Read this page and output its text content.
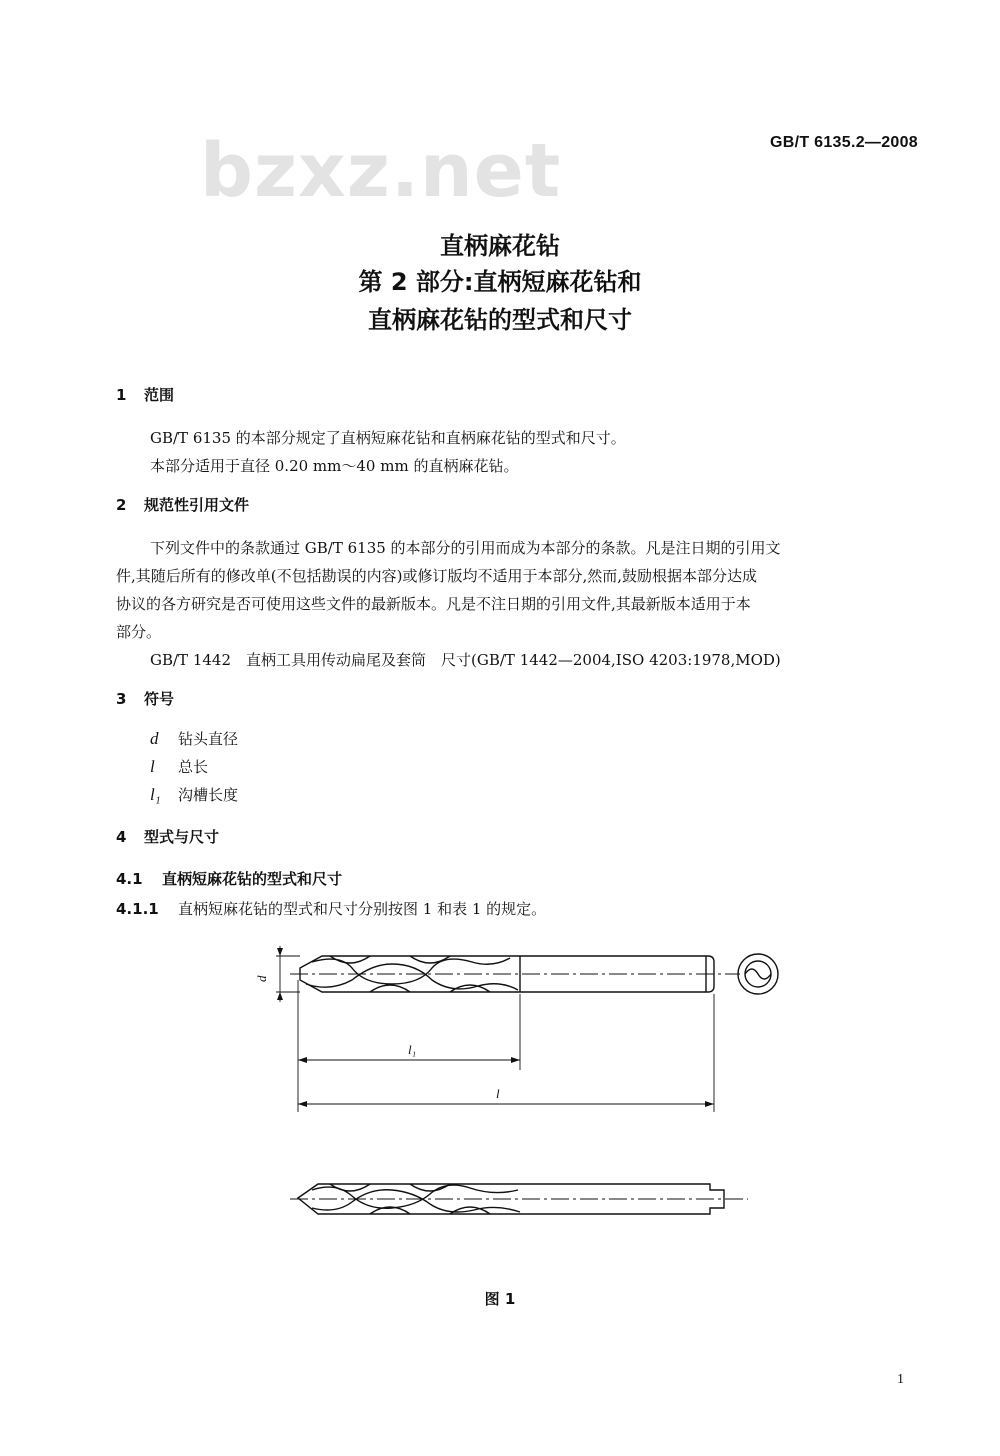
bzxz.net	GB/T 6135.2—2008
直柄麻花钻
第 2 部分:直柄短麻花钻和
直柄麻花钻的型式和尺寸
1 范围
GB/T 6135 的本部分规定了直柄短麻花钻和直柄麻花钻的型式和尺寸。
本部分适用于直径 0.20 mm～40 mm 的直柄麻花钻。
2 规范性引用文件
下列文件中的条款通过 GB/T 6135 的本部分的引用而成为本部分的条款。凡是注日期的引用文
件,其随后所有的修改单(不包括勘误的内容)或修订版均不适用于本部分,然而,鼓励根据本部分达成
协议的各方研究是否可使用这些文件的最新版本。凡是不注日期的引用文件,其最新版本适用于本
部分。
GB/T 1442　直柄工具用传动扁尾及套筒　尺寸(GB/T 1442—2004,ISO 4203:1978,MOD)
3 符号
d 钻头直径
l 总长
l₁ 沟槽长度
4 型式与尺寸
4.1 直柄短麻花钻的型式和尺寸
4.1.1 直柄短麻花钻的型式和尺寸分别按图 1 和表 1 的规定。
d
l₁
l
图 1
1
